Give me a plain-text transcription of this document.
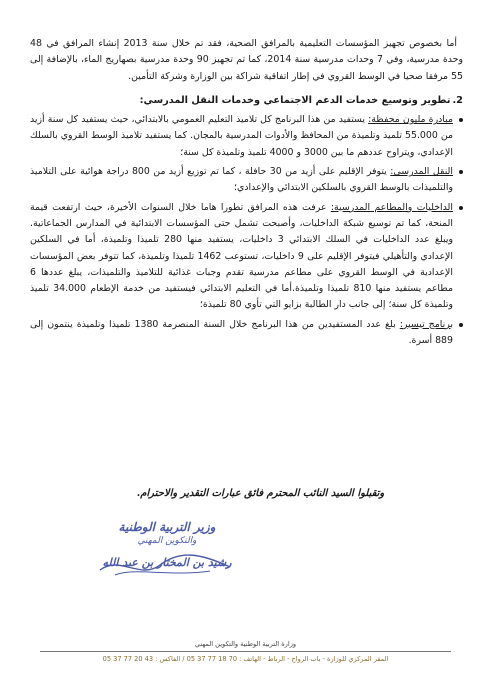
أما بخصوص تجهيز المؤسسات التعليمية بالمرافق الصحية، فقد تم خلال سنة 2013 إنشاء المرافق في 48 وحدة مدرسية، وفي 7 وحدات مدرسية سنة 2014، كما تم تجهيز 90 وحدة مدرسية بصهاريج الماء، بالإضافة إلى 55 مرفقا صحيا في الوسط القروي في إطار اتفاقية شراكة بين الوزارة وشركة التأمين.

2.تطوير وتوسيع خدمات الدعم الاجتماعي وخدمات النقل المدرسي:

مبادرة مليون محفظة: يستفيد من هذا البرنامج كل تلاميذ التعليم العمومي بالابتدائي، حيث يستفيد كل سنة أزيد من 55.000 تلميذ وتلميذة من المحافظ والأدوات المدرسية بالمجان. كما يستفيد تلاميذ الوسط القروي بالسلك الإعدادي، ويتراوح عددهم ما بين 3000 و 4000 تلميذ وتلميذة كل سنة؛
النقل المدرسي: يتوفر الإقليم على أزيد من 30 حافلة ، كما تم توزيع أزيد من 800 دراجة هوائية على التلاميذ والتلميذات بالوسط القروي بالسلكين الابتدائي والإعدادي؛
الداخليات والمطاعم المدرسية: عرفت هذه المرافق تطورا هاما خلال السنوات الأخيرة، حيث ارتفعت قيمة المنحة، كما تم توسيع شبكة الداخليات، وأصبحت تشمل حتى المؤسسات الابتدائية في المدارس الجماعاتية. ويبلغ عدد الداخليات في السلك الابتدائي 3 داخليات، يستفيد منها 280 تلميذا وتلميذة، أما في السلكين الإعدادي والتأهيلي فيتوفر الإقليم على 9 داخليات، تستوعب 1462 تلميذا وتلميذة، كما تتوفر بعض المؤسسات الإعدادية في الوسط القروي على مطاعم مدرسية تقدم وجبات غذائية للتلاميذ والتلميذات، يبلغ عددها 6 مطاعم يستفيد منها 810 تلميذا وتلميذة.أما في التعليم الابتدائي فيستفيد من خدمة الإطعام 34.000 تلميذ وتلميذة كل سنة؛ إلى جانب دار الطالبة بزايو التي تأوي 80 تلميذة؛
برنامج تيسير: بلغ عدد المستفيدين من هذا البرنامج خلال السنة المنصرمة 1380 تلميذا وتلميذة ينتمون إلى 889 أسرة.
وتقبلوا السيد النائب المحترم فائق عبارات التقدير والاحترام.
وزير التربية الوطنية
والتكوين المهني
رشيد بن المختار بن عبد الله
وزارة التربية الوطنية والتكوين المهني
المقر المركزي للوزارة - باب الرواح - الرباط - الهاتف : 70 18 77 37 05 / الفاكس : 43 20 77 37 05
